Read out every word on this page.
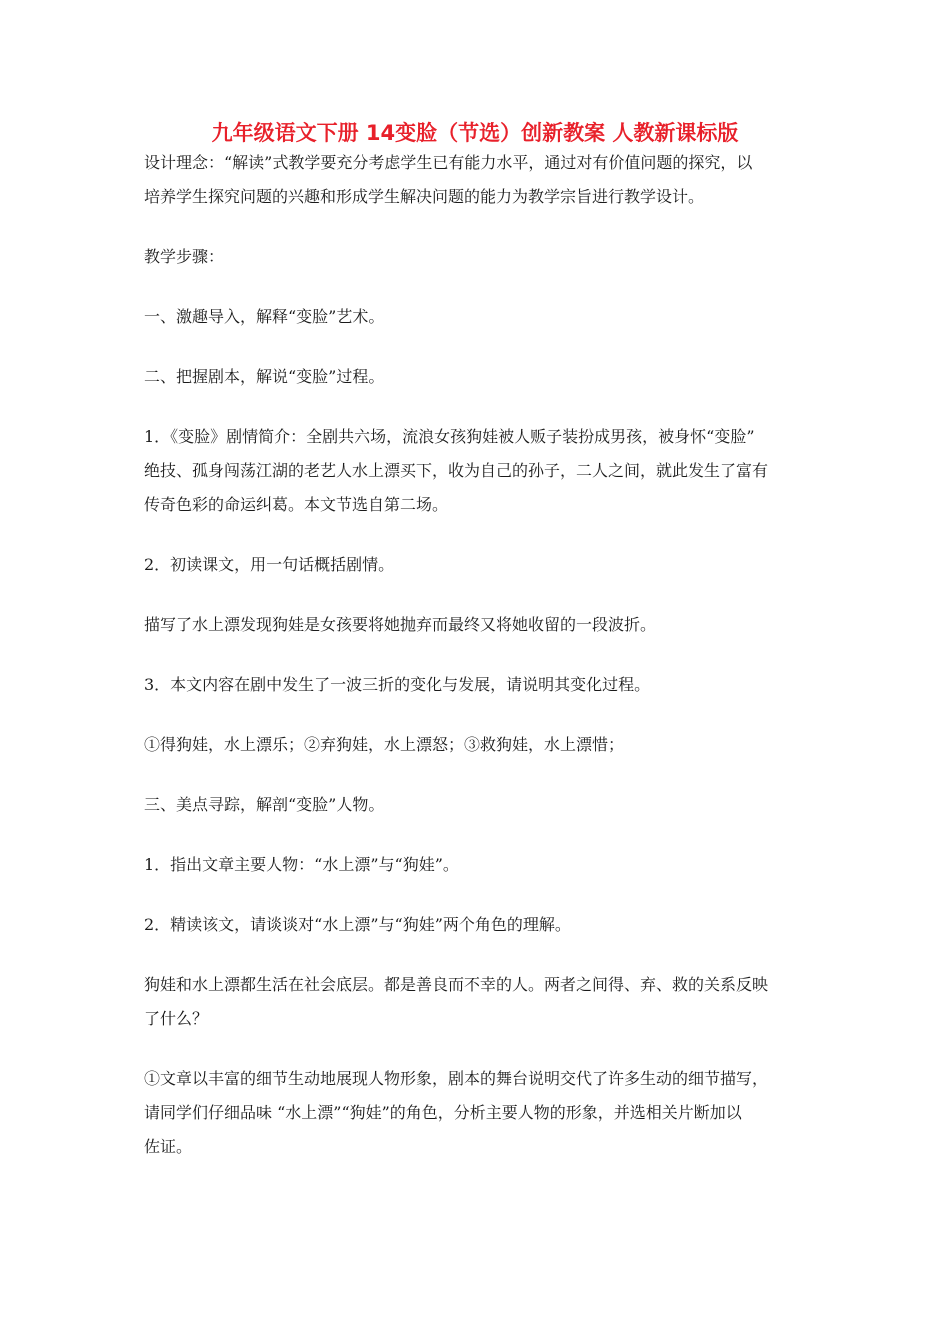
九年级语文下册 14变脸（节选）创新教案 人教新课标版
设计理念：“解读”式教学要充分考虑学生已有能力水平，通过对有价值问题的探究，以
培养学生探究问题的兴趣和形成学生解决问题的能力为教学宗旨进行教学设计。
教学步骤：
一、激趣导入，解释“变脸”艺术。
二、把握剧本，解说“变脸”过程。
1．《变脸》剧情简介：全剧共六场，流浪女孩狗娃被人贩子装扮成男孩，被身怀“变脸”
绝技、孤身闯荡江湖的老艺人水上漂买下，收为自己的孙子，二人之间，就此发生了富有
传奇色彩的命运纠葛。本文节选自第二场。
2．初读课文，用一句话概括剧情。
描写了水上漂发现狗娃是女孩要将她抛弃而最终又将她收留的一段波折。
3．本文内容在剧中发生了一波三折的变化与发展，请说明其变化过程。
①得狗娃，水上漂乐；②弃狗娃，水上漂怒；③救狗娃，水上漂惜；
三、美点寻踪，解剖“变脸”人物。
1．指出文章主要人物：“水上漂”与“狗娃”。
2．精读该文，请谈谈对“水上漂”与“狗娃”两个角色的理解。
狗娃和水上漂都生活在社会底层。都是善良而不幸的人。两者之间得、弃、救的关系反映
了什么？
①文章以丰富的细节生动地展现人物形象，剧本的舞台说明交代了许多生动的细节描写，
请同学们仔细品味 “水上漂”“狗娃”的角色，分析主要人物的形象，并选相关片断加以
佐证。
